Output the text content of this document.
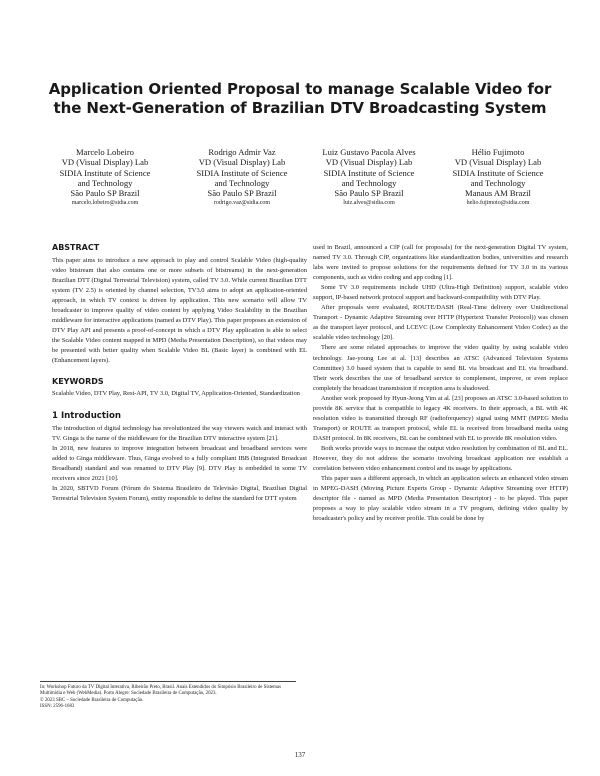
Application Oriented Proposal to manage Scalable Video for
the Next-Generation of Brazilian DTV Broadcasting System
Marcelo Lobeiro
VD (Visual Display) Lab
SIDIA Institute of Science
and Technology
São Paulo SP Brazil
marcelo.lobeiro@sidia.com
Rodrigo Admir Vaz
VD (Visual Display) Lab
SIDIA Institute of Science
and Technology
São Paulo SP Brazil
rodrigo.vaz@sidia.com
Luiz Gustavo Pacola Alves
VD (Visual Display) Lab
SIDIA Institute of Science
and Technology
São Paulo SP Brazil
luiz.alves@sidia.com
Hélio Fujimoto
VD (Visual Display) Lab
SIDIA Institute of Science
and Technology
Manaus AM Brazil
helio.fujimoto@sidia.com

ABSTRACT

This paper aims to introduce a new approach to play and control Scalable Video (high-quality video bitstream that also contains one or more subsets of bitstreams) in the next-generation Brazilian DTT (Digital Terrestrial Television) system, called TV 3.0. While current Brazilian DTT system (TV 2.5) is oriented by channel selection, TV3.0 aims to adopt an application-oriented approach, in which TV context is driven by application. This new scenario will allow TV broadcaster to improve quality of video content by applying Video Scalability in the Brazilian middleware for interactive applications (named as DTV Play). This paper proposes an extension of DTV Play API and presents a proof-of-concept in which a DTV Play application is able to select the Scalable Video content mapped in MPD (Media Presentation Description), so that videos may be presented with better quality when Scalable Video BL (Basic layer) is combined with EL (Enhancement layers).

KEYWORDS

Scalable Video, DTV Play, Rest-API, TV 3.0, Digital TV, Application-Oriented, Standardization

1 Introduction

The introduction of digital technology has revolutionized the way viewers watch and interact with TV. Ginga is the name of the middleware for the Brazilian DTV interactive system [21].

In 2018, new features to improve integration between broadcast and broadband services were added to Ginga middleware. Thus, Ginga evolved to a fully compliant IBB (Integrated Broadcast Broadband) standard and was renamed to DTV Play [9]. DTV Play is embedded in some TV receivers since 2021 [10].

In 2020, SBTVD Forum (Fórum do Sistema Brasileiro de Televisão Digital, Brazilian Digital Terrestrial Television System Forum), entity responsible to define the standard for DTT system

In: Workshop Futuro da TV Digital Interativa, Ribeirão Preto, Brasil. Anais Estendidos do Simpósio Brasileiro de Sistemas Multimídia e Web (WebMedia). Porto Alegre: Sociedade Brasileira de Computação, 2023.
© 2023 SBC – Sociedade Brasileira de Computação.
ISSN: 2596-1683

used in Brazil, announced a CfP (call for proposals) for the next-generation Digital TV system, named TV 3.0. Through CfP, organizations like standardization bodies, universities and research labs were invited to propose solutions for the requirements defined for TV 3.0 in its various components, such as video coding and app coding [1].

Some TV 3.0 requirements include UHD (Ultra-High Definition) support, scalable video support, IP-based network protocol support and backward-compatibility with DTV Play.

After proposals were evaluated, ROUTE/DASH (Real-Time delivery over Unidirectional Transport - Dynamic Adaptive Streaming over HTTP (Hypertext Transfer Protocol)) was chosen as the transport layer protocol, and LCEVC (Low Complexity Enhancement Video Codec) as the scalable video technology [20].

There are some related approaches to improve the video quality by using scalable video technology. Jae-young Lee at al. [13] describes an ATSC (Advanced Television Systems Committee) 3.0 based system that is capable to send BL via broadcast and EL via broadband. Their work describes the use of broadband service to complement, improve, or even replace completely the broadcast transmission if reception area is shadowed.

Another work proposed by Hyun-Jeong Yim at al. [23] proposes an ATSC 3.0-based solution to provide 8K service that is compatible to legacy 4K receivers. In their approach, a BL with 4K resolution video is transmitted through RF (radiofrequency) signal using MMT (MPEG Media Transport) or ROUTE as transport protocol, while EL is received from broadband media using DASH protocol. In 8K receivers, BL can be combined with EL to provide 8K resolution video.

Both works provide ways to increase the output video resolution by combination of BL and EL. However, they do not address the scenario involving broadcast application nor establish a correlation between video enhancement control and its usage by applications.

This paper uses a different approach, in which an application selects an enhanced video stream in MPEG-DASH (Moving Picture Experts Group - Dynamic Adaptive Streaming over HTTP) descriptor file - named as MPD (Media Presentation Descriptor) - to be played. This paper proposes a way to play scalable video stream in a TV program, defining video quality by broadcaster's policy and by receiver profile. This could be done by

137
